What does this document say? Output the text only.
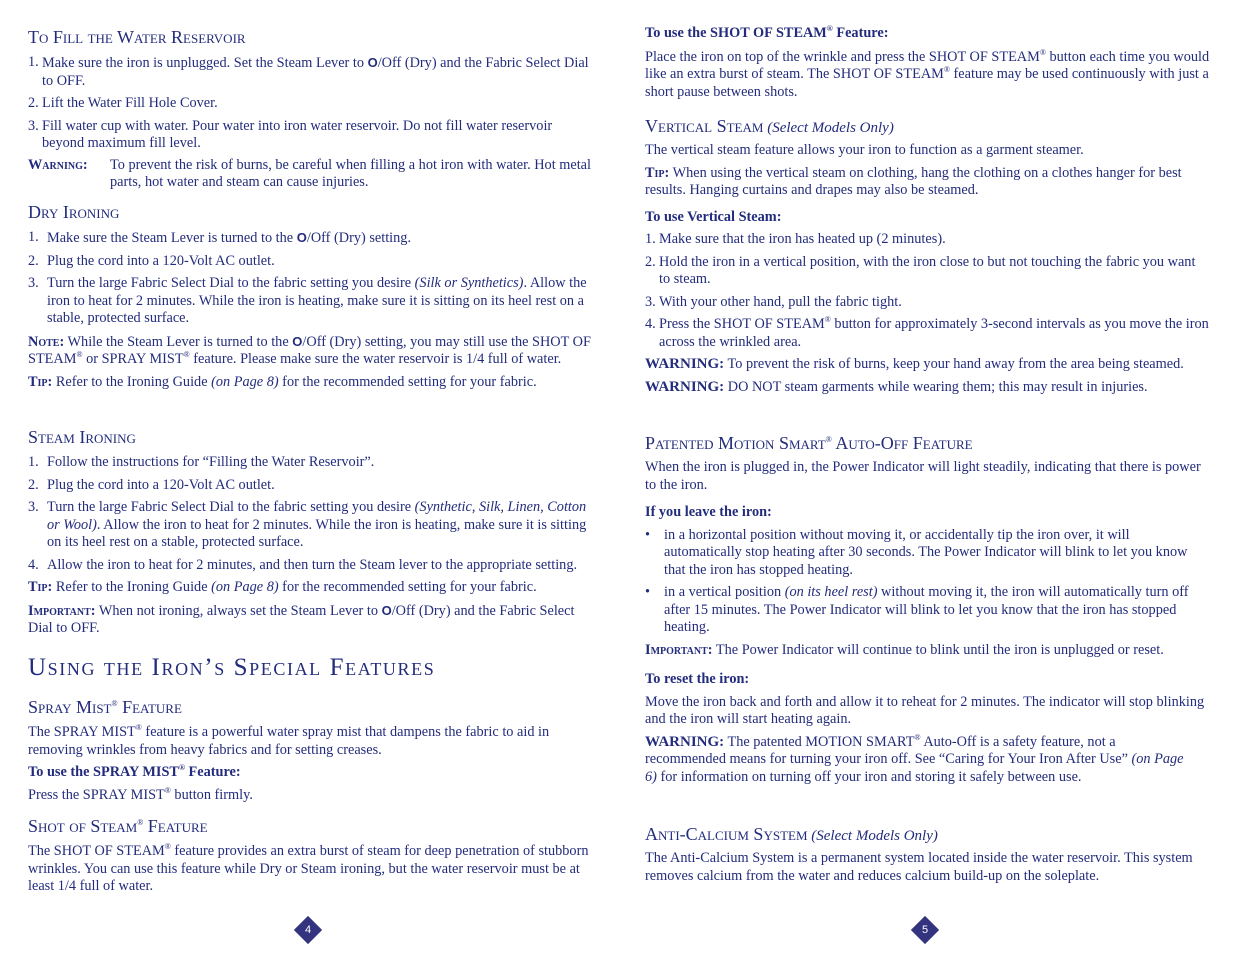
To Fill the Water Reservoir
1. Make sure the iron is unplugged. Set the Steam Lever to O/Off (Dry) and the Fabric Select Dial to OFF.
2. Lift the Water Fill Hole Cover.
3. Fill water cup with water. Pour water into iron water reservoir. Do not fill water reservoir beyond maximum fill level.
Warning:	To prevent the risk of burns, be careful when filling a hot iron with water. Hot metal parts, hot water and steam can cause injuries.
Dry Ironing
1. Make sure the Steam Lever is turned to the O/Off (Dry) setting.
2. Plug the cord into a 120-Volt AC outlet.
3. Turn the large Fabric Select Dial to the fabric setting you desire (Silk or Synthetics). Allow the iron to heat for 2 minutes. While the iron is heating, make sure it is sitting on its heel rest on a stable, protected surface.
Note: While the Steam Lever is turned to the O/Off (Dry) setting, you may still use the SHOT OF STEAM® or SPRAY MIST® feature. Please make sure the water reservoir is 1/4 full of water.
Tip: Refer to the Ironing Guide (on Page 8) for the recommended setting for your fabric.
Steam Ironing
1. Follow the instructions for “Filling the Water Reservoir”.
2. Plug the cord into a 120-Volt AC outlet.
3. Turn the large Fabric Select Dial to the fabric setting you desire (Synthetic, Silk, Linen, Cotton or Wool). Allow the iron to heat for 2 minutes. While the iron is heating, make sure it is sitting on its heel rest on a stable, protected surface.
4. Allow the iron to heat for 2 minutes, and then turn the Steam lever to the appropriate setting.
Tip: Refer to the Ironing Guide (on Page 8) for the recommended setting for your fabric.
Important: When not ironing, always set the Steam Lever to O/Off (Dry) and the Fabric Select Dial to OFF.
Using the Iron’s Special Features
Spray Mist® Feature
The SPRAY MIST® feature is a powerful water spray mist that dampens the fabric to aid in removing wrinkles from heavy fabrics and for setting creases.
To use the SPRAY MIST® Feature:
Press the SPRAY MIST® button firmly.
Shot of Steam® Feature
The SHOT OF STEAM® feature provides an extra burst of steam for deep penetration of stubborn wrinkles. You can use this feature while Dry or Steam ironing, but the water reservoir must be at least 1/4 full of water.
4
To use the SHOT OF STEAM® Feature:
Place the iron on top of the wrinkle and press the SHOT OF STEAM® button each time you would like an extra burst of steam. The SHOT OF STEAM® feature may be used continuously with just a short pause between shots.
Vertical Steam (Select Models Only)
The vertical steam feature allows your iron to function as a garment steamer.
Tip: When using the vertical steam on clothing, hang the clothing on a clothes hanger for best results. Hanging curtains and drapes may also be steamed.
To use Vertical Steam:
1. Make sure that the iron has heated up (2 minutes).
2. Hold the iron in a vertical position, with the iron close to but not touching the fabric you want to steam.
3. With your other hand, pull the fabric tight.
4. Press the SHOT OF STEAM® button for approximately 3-second intervals as you move the iron across the wrinkled area.
WARNING: To prevent the risk of burns, keep your hand away from the area being steamed.
WARNING: DO NOT steam garments while wearing them; this may result in injuries.
Patented Motion Smart® Auto-Off Feature
When the iron is plugged in, the Power Indicator will light steadily, indicating that there is power to the iron.
If you leave the iron:
• in a horizontal position without moving it, or accidentally tip the iron over, it will automatically stop heating after 30 seconds. The Power Indicator will blink to let you know that the iron has stopped heating.
• in a vertical position (on its heel rest) without moving it, the iron will automatically turn off after 15 minutes. The Power Indicator will blink to let you know that the iron has stopped heating.
Important: The Power Indicator will continue to blink until the iron is unplugged or reset.
To reset the iron:
Move the iron back and forth and allow it to reheat for 2 minutes. The indicator will stop blinking and the iron will start heating again.
WARNING: The patented MOTION SMART® Auto-Off is a safety feature, not a recommended means for turning your iron off. See “Caring for Your Iron After Use” (on Page 6) for information on turning off your iron and storing it safely between use.
Anti-Calcium System (Select Models Only)
The Anti-Calcium System is a permanent system located inside the water reservoir. This system removes calcium from the water and reduces calcium build-up on the soleplate.
5
